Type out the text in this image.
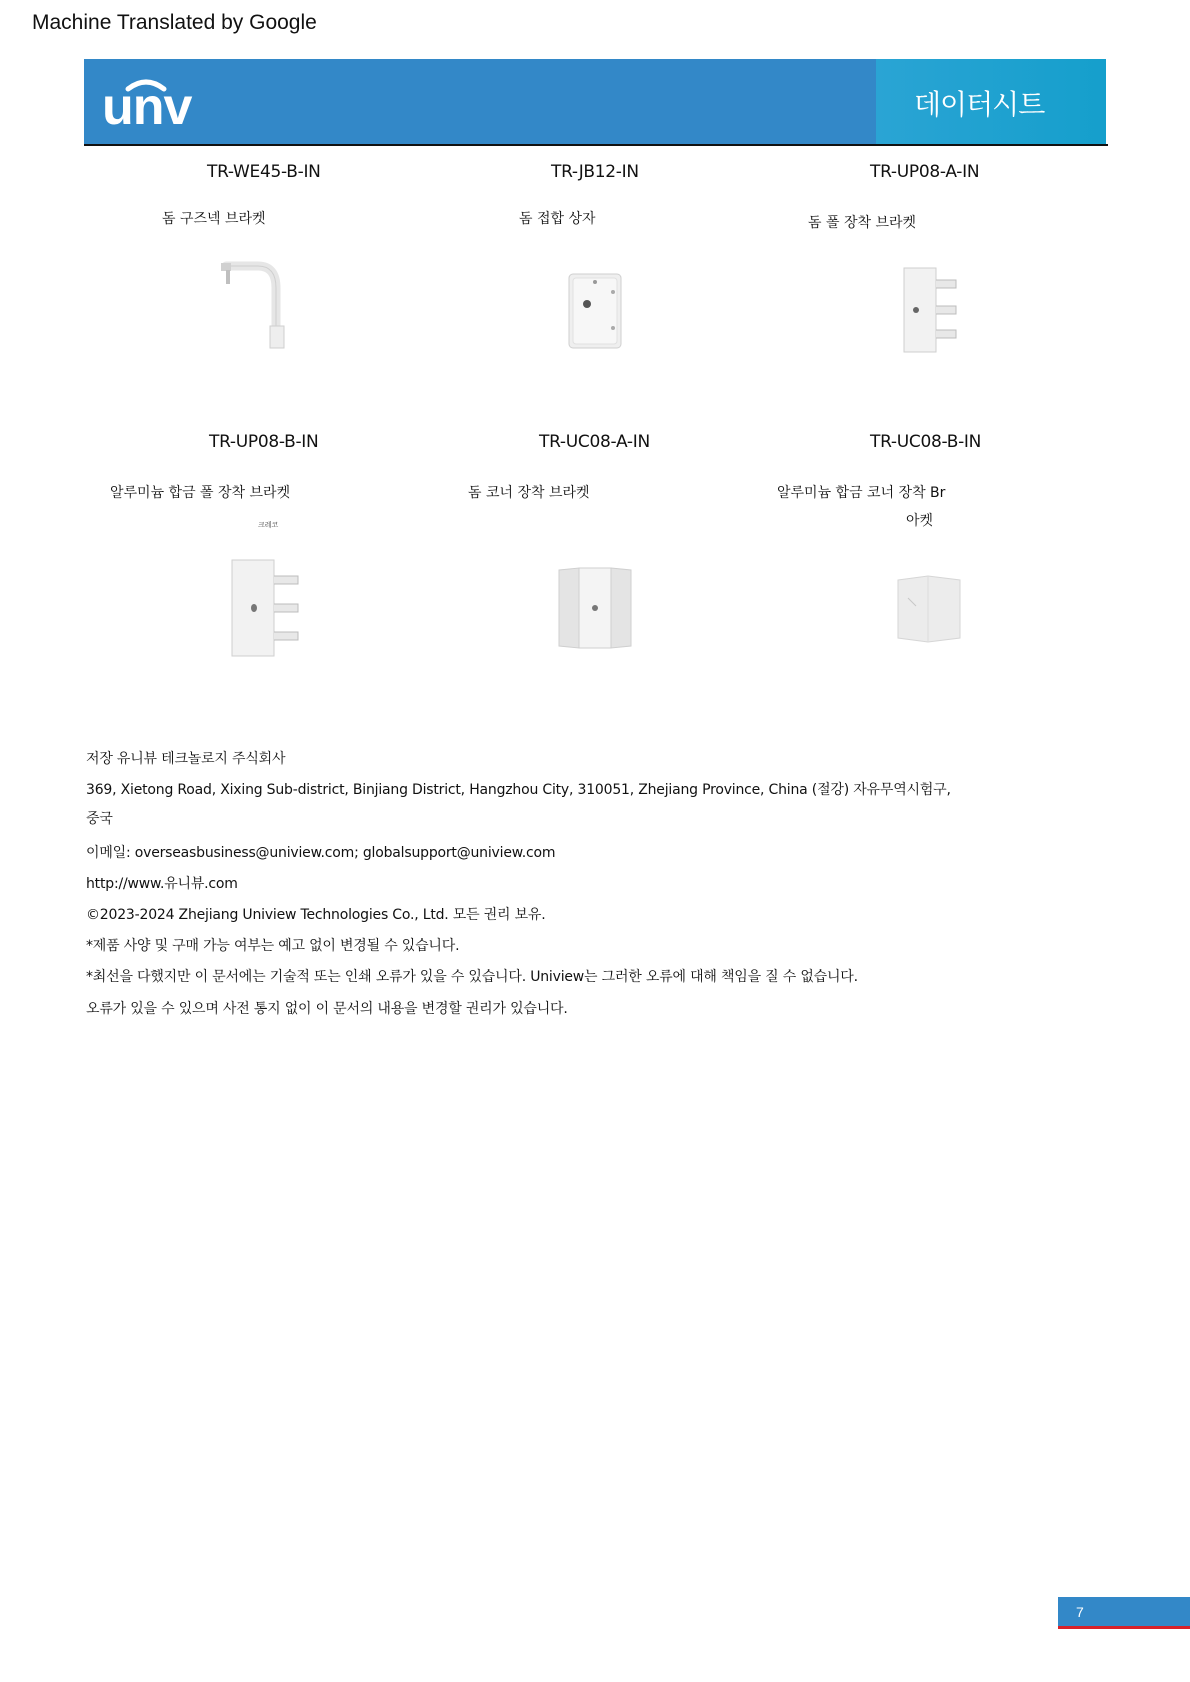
Machine Translated by Google
unv	데이터시트
TR-WE45-B-IN
돔 구즈넥 브라켓
TR-JB12-IN
돔 접합 상자
TR-UP08-A-IN
돔 폴 장착 브라켓
TR-UP08-B-IN
알루미늄 합금 폴 장착 브라켓
크레코
TR-UC08-A-IN
돔 코너 장착 브라켓
TR-UC08-B-IN
알루미늄 합금 코너 장착 Br
아켓
저장 유니뷰 테크놀로지 주식회사
369, Xietong Road, Xixing Sub-district, Binjiang District, Hangzhou City, 310051, Zhejiang Province, China (절강) 자유무역시험구,
중국
이메일: overseasbusiness@uniview.com; globalsupport@uniview.com
http://www.유니뷰.com
©2023-2024 Zhejiang Uniview Technologies Co., Ltd. 모든 권리 보유.
*제품 사양 및 구매 가능 여부는 예고 없이 변경될 수 있습니다.
*최선을 다했지만 이 문서에는 기술적 또는 인쇄 오류가 있을 수 있습니다. Uniview는 그러한 오류에 대해 책임을 질 수 없습니다.
오류가 있을 수 있으며 사전 통지 없이 이 문서의 내용을 변경할 권리가 있습니다.
7
